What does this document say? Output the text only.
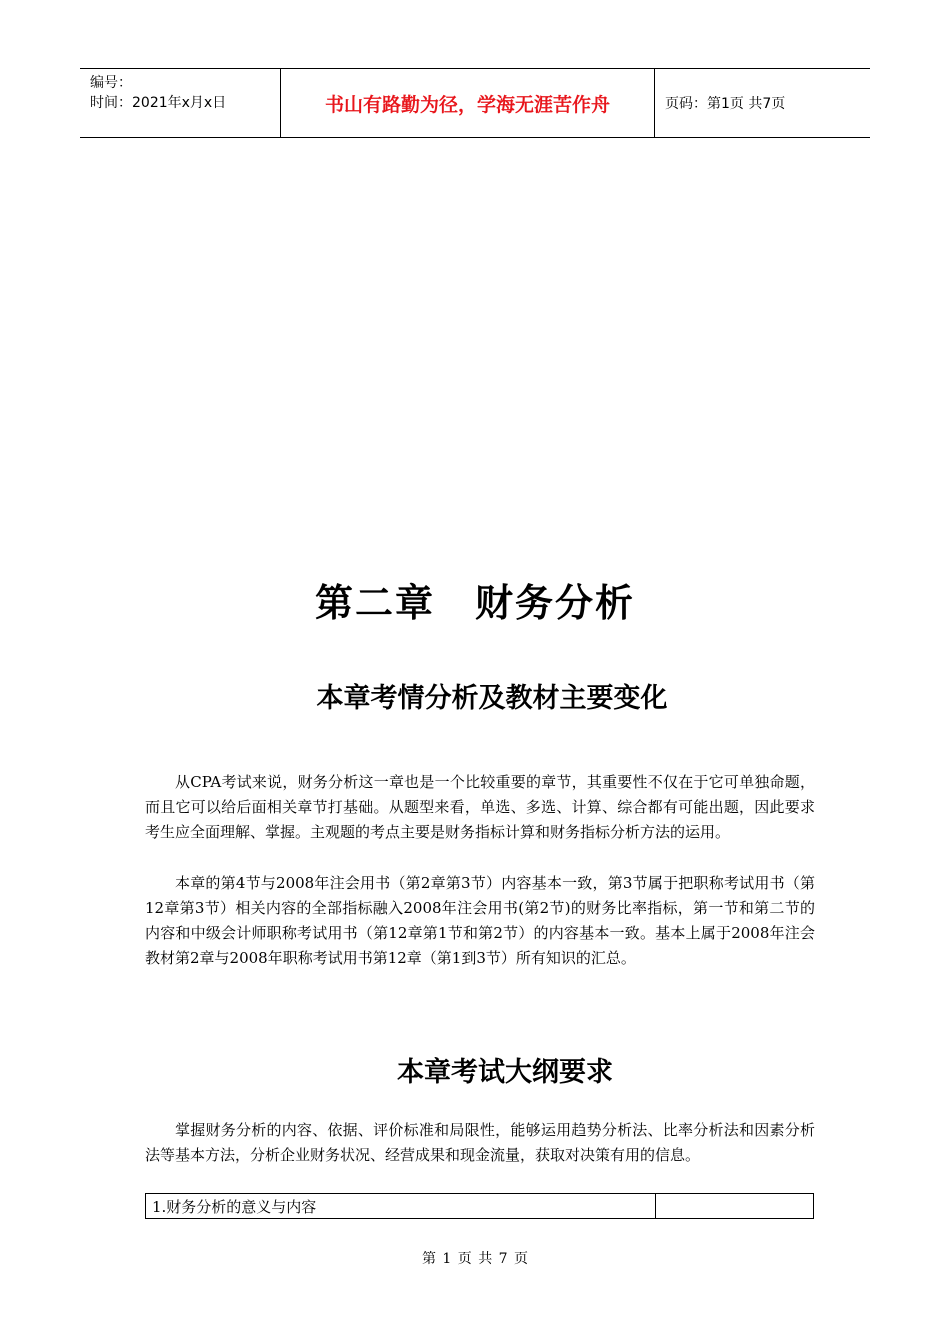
编号：
时间：2021年x月x日	书山有路勤为径，学海无涯苦作舟	页码：第1页 共7页
第二章　财务分析
本章考情分析及教材主要变化

从CPA考试来说，财务分析这一章也是一个比较重要的章节，其重要性不仅在于它可单独命题，而且它可以给后面相关章节打基础。从题型来看，单选、多选、计算、综合都有可能出题，因此要求考生应全面理解、掌握。主观题的考点主要是财务指标计算和财务指标分析方法的运用。

本章的第4节与2008年注会用书（第2章第3节）内容基本一致，第3节属于把职称考试用书（第12章第3节）相关内容的全部指标融入2008年注会用书(第2节)的财务比率指标，第一节和第二节的内容和中级会计师职称考试用书（第12章第1节和第2节）的内容基本一致。基本上属于2008年注会教材第2章与2008年职称考试用书第12章（第1到3节）所有知识的汇总。

本章考试大纲要求

掌握财务分析的内容、依据、评价标准和局限性，能够运用趋势分析法、比率分析法和因素分析法等基本方法，分析企业财务状况、经营成果和现金流量，获取对决策有用的信息。

1.财务分析的意义与内容	
第 1 页 共 7 页
